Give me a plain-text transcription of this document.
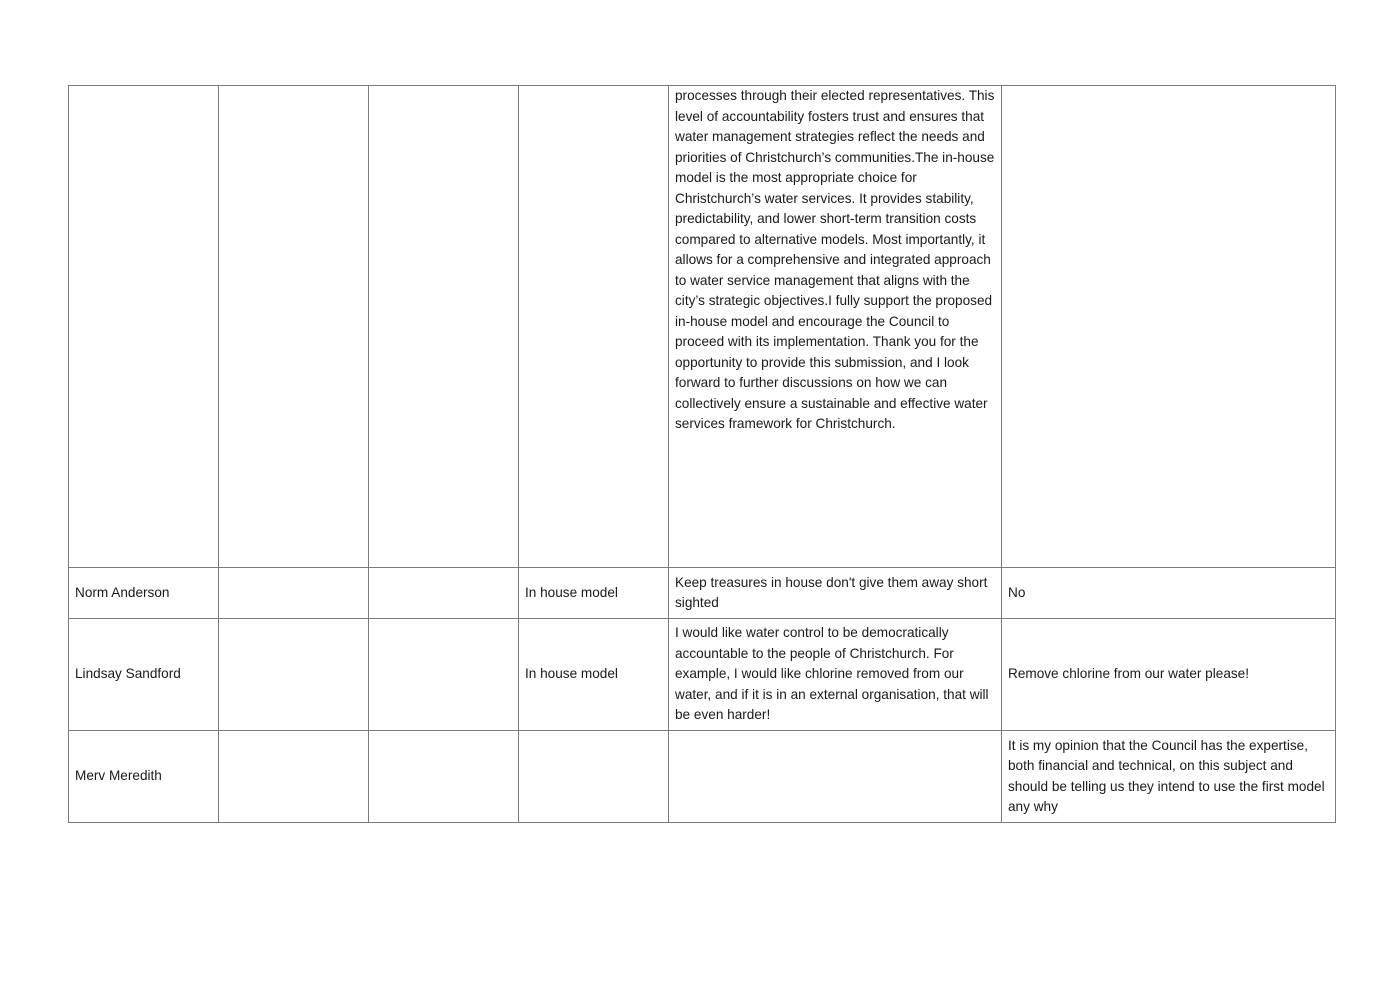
				processes through their elected representatives. This level of accountability fosters trust and ensures that water management strategies reflect the needs and priorities of Christchurch’s communities.The in-house model is the most appropriate choice for Christchurch’s water services. It provides stability, predictability, and lower short-term transition costs compared to alternative models. Most importantly, it allows for a comprehensive and integrated approach to water service management that aligns with the city’s strategic objectives.I fully support the proposed in-house model and encourage the Council to proceed with its implementation. Thank you for the opportunity to provide this submission, and I look forward to further discussions on how we can collectively ensure a sustainable and effective water services framework for Christchurch.	
Norm Anderson			In house model	Keep treasures in house don't give them away short sighted	No
Lindsay Sandford			In house model	I would like water control to be democratically accountable to the people of Christchurch. For example, I would like chlorine removed from our water, and if it is in an external organisation, that will be even harder!	Remove chlorine from our water please!
Merv Meredith					It is my opinion that the Council has the expertise, both financial and technical, on this subject and should be telling us they intend to use the first model any why
